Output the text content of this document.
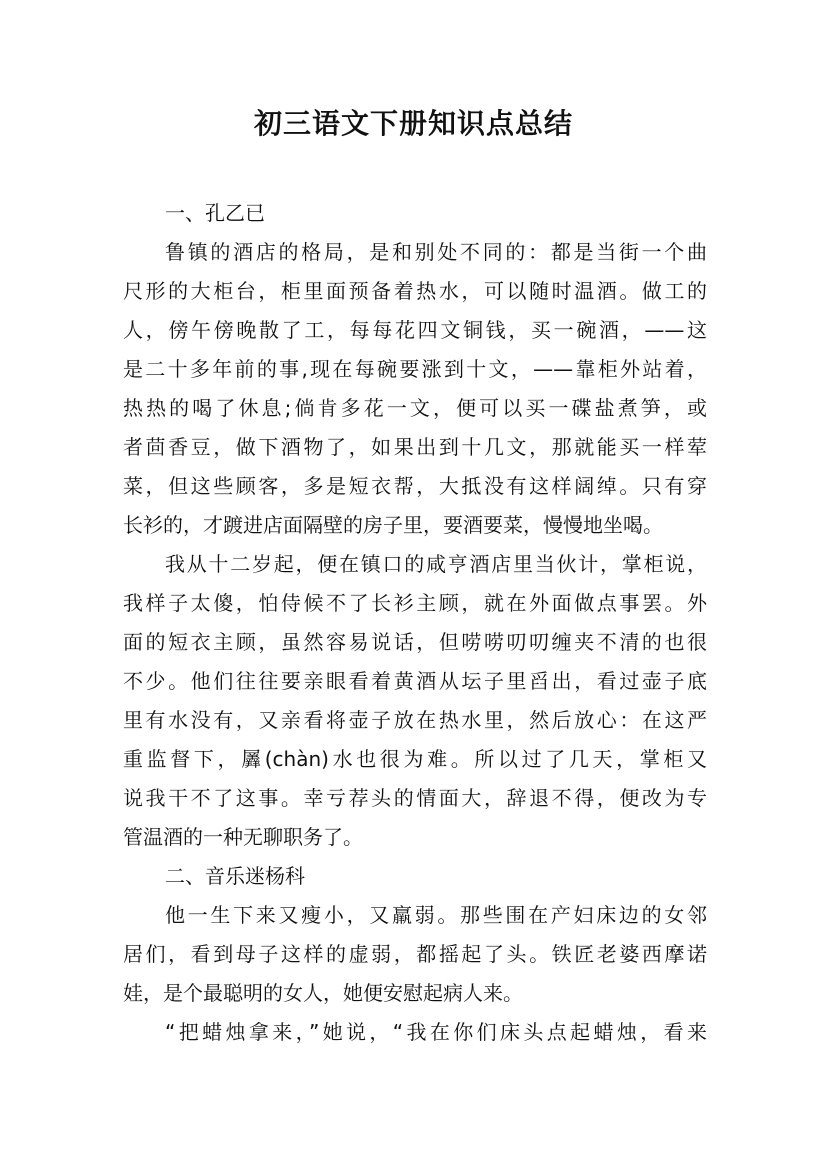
初三语文下册知识点总结
一、孔乙已
鲁镇的酒店的格局，是和别处不同的：都是当街一个曲
尺形的大柜台，柜里面预备着热水，可以随时温酒。做工的
人，傍午傍晚散了工，每每花四文铜钱，买一碗酒，——这
是二十多年前的事,现在每碗要涨到十文，——靠柜外站着，
热热的喝了休息;倘肯多花一文，便可以买一碟盐煮笋，或
者茴香豆，做下酒物了，如果出到十几文，那就能买一样荤
菜，但这些顾客，多是短衣帮，大抵没有这样阔绰。只有穿
长衫的，才踱进店面隔壁的房子里，要酒要菜，慢慢地坐喝。
我从十二岁起，便在镇口的咸亨酒店里当伙计，掌柜说，
我样子太傻，怕侍候不了长衫主顾，就在外面做点事罢。外
面的短衣主顾，虽然容易说话，但唠唠叨叨缠夹不清的也很
不少。他们往往要亲眼看着黄酒从坛子里舀出，看过壶子底
里有水没有，又亲看将壶子放在热水里，然后放心：在这严
重监督下，羼(chàn)水也很为难。所以过了几天，掌柜又
说我干不了这事。幸亏荐头的情面大，辞退不得，便改为专
管温酒的一种无聊职务了。
二、音乐迷杨科
他一生下来又瘦小，又羸弱。那些围在产妇床边的女邻
居们，看到母子这样的虚弱，都摇起了头。铁匠老婆西摩诺
娃，是个最聪明的女人，她便安慰起病人来。
“把蜡烛拿来，”她说，“我在你们床头点起蜡烛，看来
